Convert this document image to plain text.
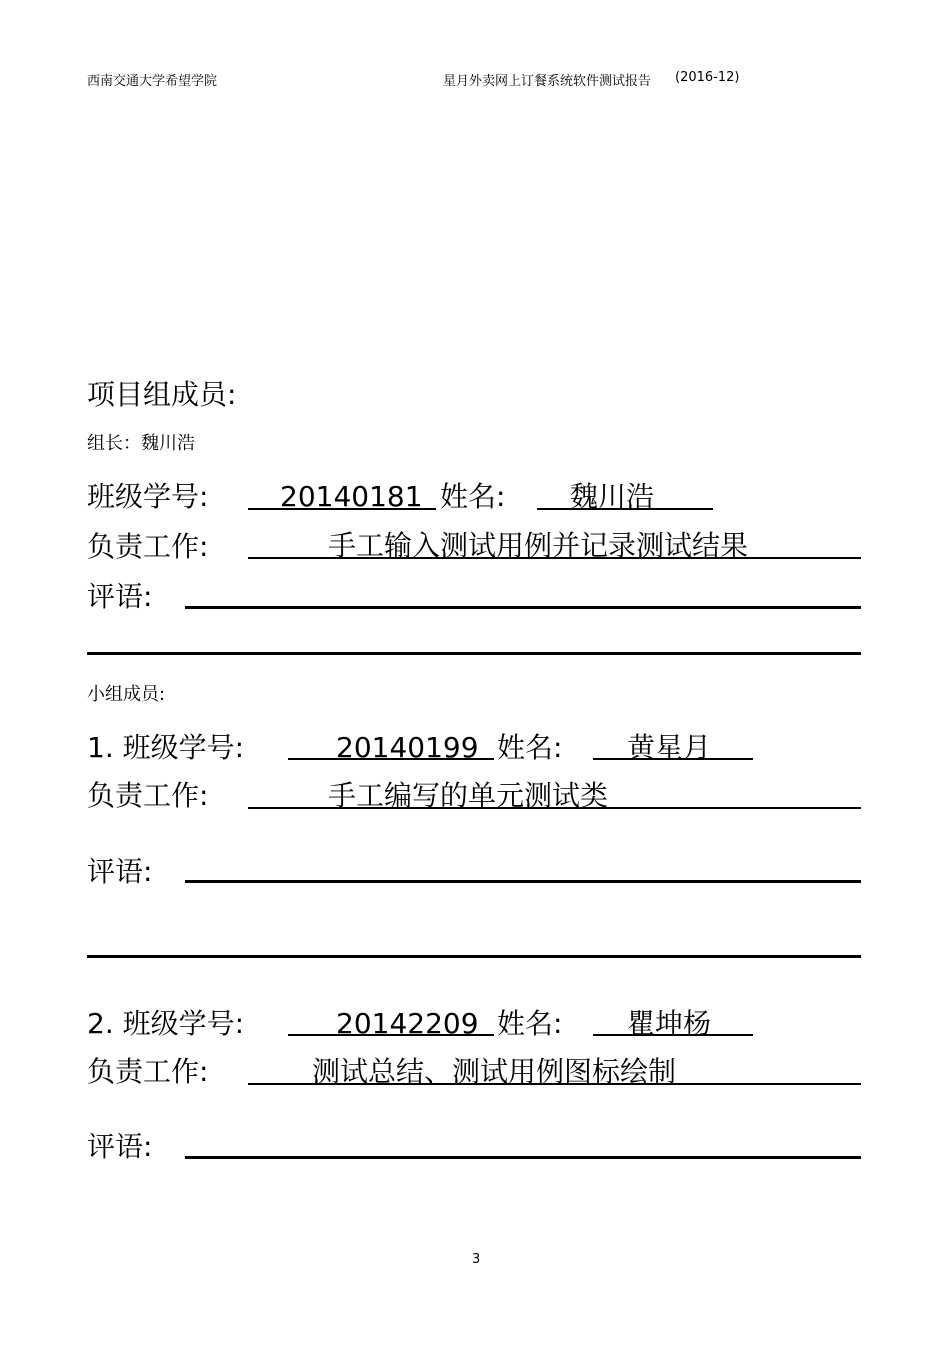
西南交通大学希望学院	星月外卖网上订餐系统软件测试报告 (2016-12)
项目组成员:
组长：魏川浩
班级学号:	20140181 姓名: 魏川浩
负责工作:	手工输入测试用例并记录测试结果
评语:
小组成员:
1. 班级学号:	20140199 姓名: 黄星月
负责工作:	手工编写的单元测试类
评语:
2. 班级学号:	20142209 姓名: 瞿坤杨
负责工作:	测试总结、测试用例图标绘制
评语:
3
